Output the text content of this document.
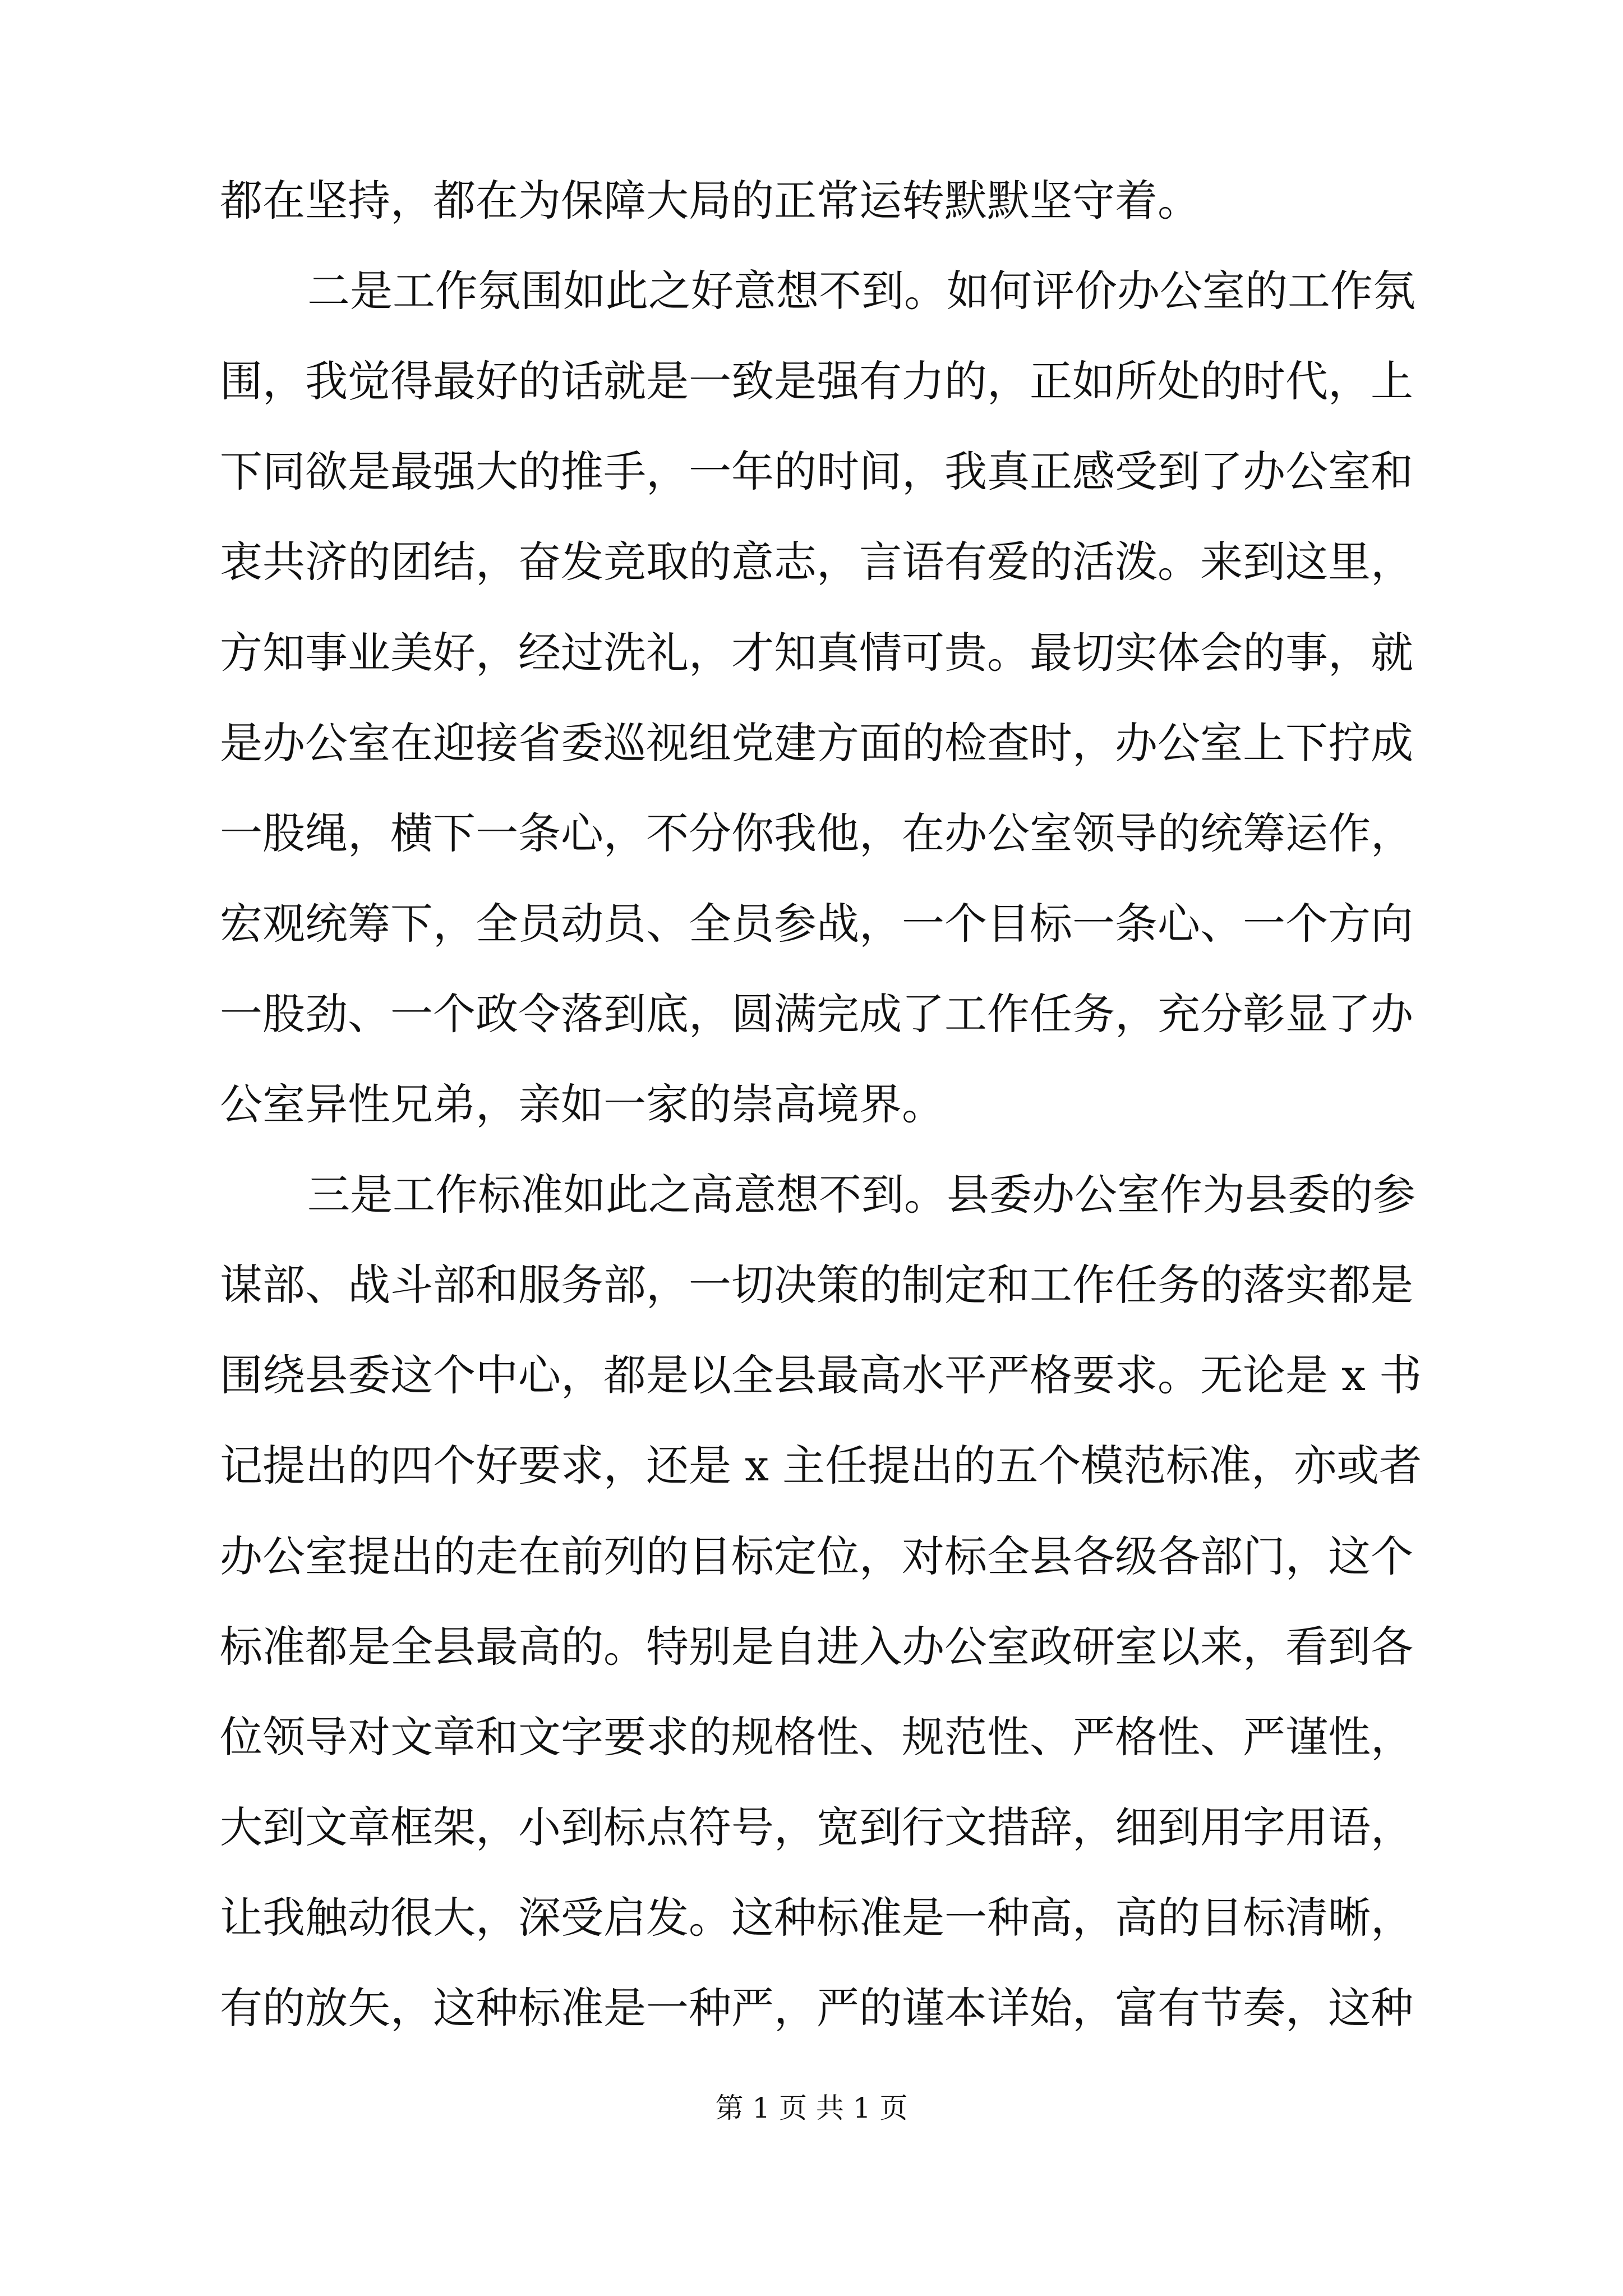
都在坚持，都在为保障大局的正常运转默默坚守着。
二是工作氛围如此之好意想不到。如何评价办公室的工作氛
围，我觉得最好的话就是一致是强有力的，正如所处的时代，上
下同欲是最强大的推手，一年的时间，我真正感受到了办公室和
衷共济的团结，奋发竞取的意志，言语有爱的活泼。来到这里，
方知事业美好，经过洗礼，才知真情可贵。最切实体会的事，就
是办公室在迎接省委巡视组党建方面的检查时，办公室上下拧成
一股绳，横下一条心，不分你我他，在办公室领导的统筹运作，
宏观统筹下，全员动员、全员参战，一个目标一条心、一个方向
一股劲、一个政令落到底，圆满完成了工作任务，充分彰显了办
公室异性兄弟，亲如一家的崇高境界。
三是工作标准如此之高意想不到。县委办公室作为县委的参
谋部、战斗部和服务部，一切决策的制定和工作任务的落实都是
围绕县委这个中心，都是以全县最高水平严格要求。无论是 x 书
记提出的四个好要求，还是 x 主任提出的五个模范标准，亦或者
办公室提出的走在前列的目标定位，对标全县各级各部门，这个
标准都是全县最高的。特别是自进入办公室政研室以来，看到各
位领导对文章和文字要求的规格性、规范性、严格性、严谨性，
大到文章框架，小到标点符号，宽到行文措辞，细到用字用语，
让我触动很大，深受启发。这种标准是一种高，高的目标清晰，
有的放矢，这种标准是一种严，严的谨本详始，富有节奏，这种
第 1 页 共 1 页
